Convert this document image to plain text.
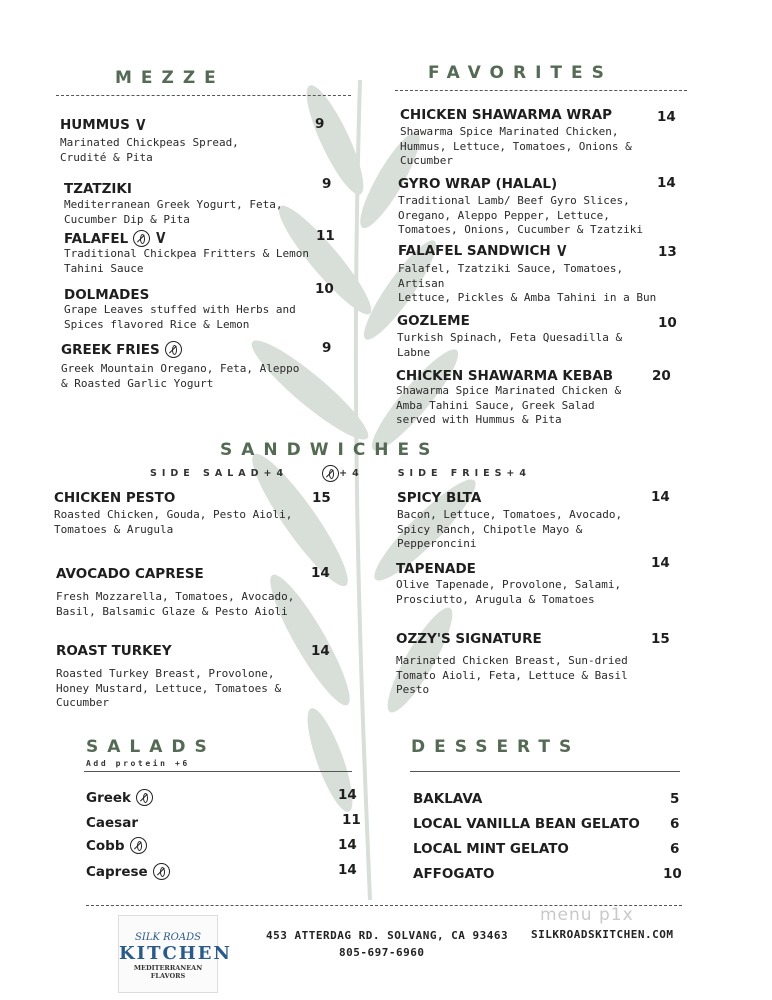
MEZZE
HUMMUS V
Marinated Chickpeas Spread,
Crudité & Pita
9
TZATZIKI
Mediterranean Greek Yogurt, Feta,
Cucumber Dip & Pita
9
FALAFEL V
Traditional Chickpea Fritters & Lemon
Tahini Sauce
11
DOLMADES
Grape Leaves stuffed with Herbs and
Spices flavored Rice & Lemon
10
GREEK FRIES
Greek Mountain Oregano, Feta, Aleppo
& Roasted Garlic Yogurt
9
FAVORITES
CHICKEN SHAWARMA WRAP
Shawarma Spice Marinated Chicken,
Hummus, Lettuce, Tomatoes, Onions &
Cucumber
14
GYRO WRAP (HALAL)
Traditional Lamb/ Beef Gyro Slices,
Oregano, Aleppo Pepper, Lettuce,
Tomatoes, Onions, Cucumber & Tzatziki
14
FALAFEL SANDWICH V
Falafel, Tzatziki Sauce, Tomatoes, Artisan
Lettuce, Pickles & Amba Tahini in a Bun
13
GOZLEME
Turkish Spinach, Feta Quesadilla &
Labne
10
CHICKEN SHAWARMA KEBAB
Shawarma Spice Marinated Chicken &
Amba Tahini Sauce, Greek Salad
served with Hummus & Pita
20
SANDWICHES
SIDE SALAD+4	+4	SIDE FRIES+4
CHICKEN PESTO
Roasted Chicken, Gouda, Pesto Aioli,
Tomatoes & Arugula
15
AVOCADO CAPRESE
Fresh Mozzarella, Tomatoes, Avocado,
Basil, Balsamic Glaze & Pesto Aioli
14
ROAST TURKEY
Roasted Turkey Breast, Provolone,
Honey Mustard, Lettuce, Tomatoes &
Cucumber
14
SPICY BLTA
Bacon, Lettuce, Tomatoes, Avocado,
Spicy Ranch, Chipotle Mayo &
Pepperoncini
14
TAPENADE
Olive Tapenade, Provolone, Salami,
Prosciutto, Arugula & Tomatoes
14
OZZY'S SIGNATURE
Marinated Chicken Breast, Sun-dried
Tomato Aioli, Feta, Lettuce & Basil
Pesto
15
SALADS
Add protein +6
Greek	14
Caesar	11
Cobb	14
Caprese	14
DESSERTS
BAKLAVA	5
LOCAL VANILLA BEAN GELATO 6
LOCAL MINT GELATO	6
AFFOGATO	10
SILK ROADS
KITCHEN
MEDITERRANEAN FLAVORS
453 ATTERDAG RD. SOLVANG, CA 93463
805-697-6960
SILKROADSKITCHEN.COM
menu p1x
